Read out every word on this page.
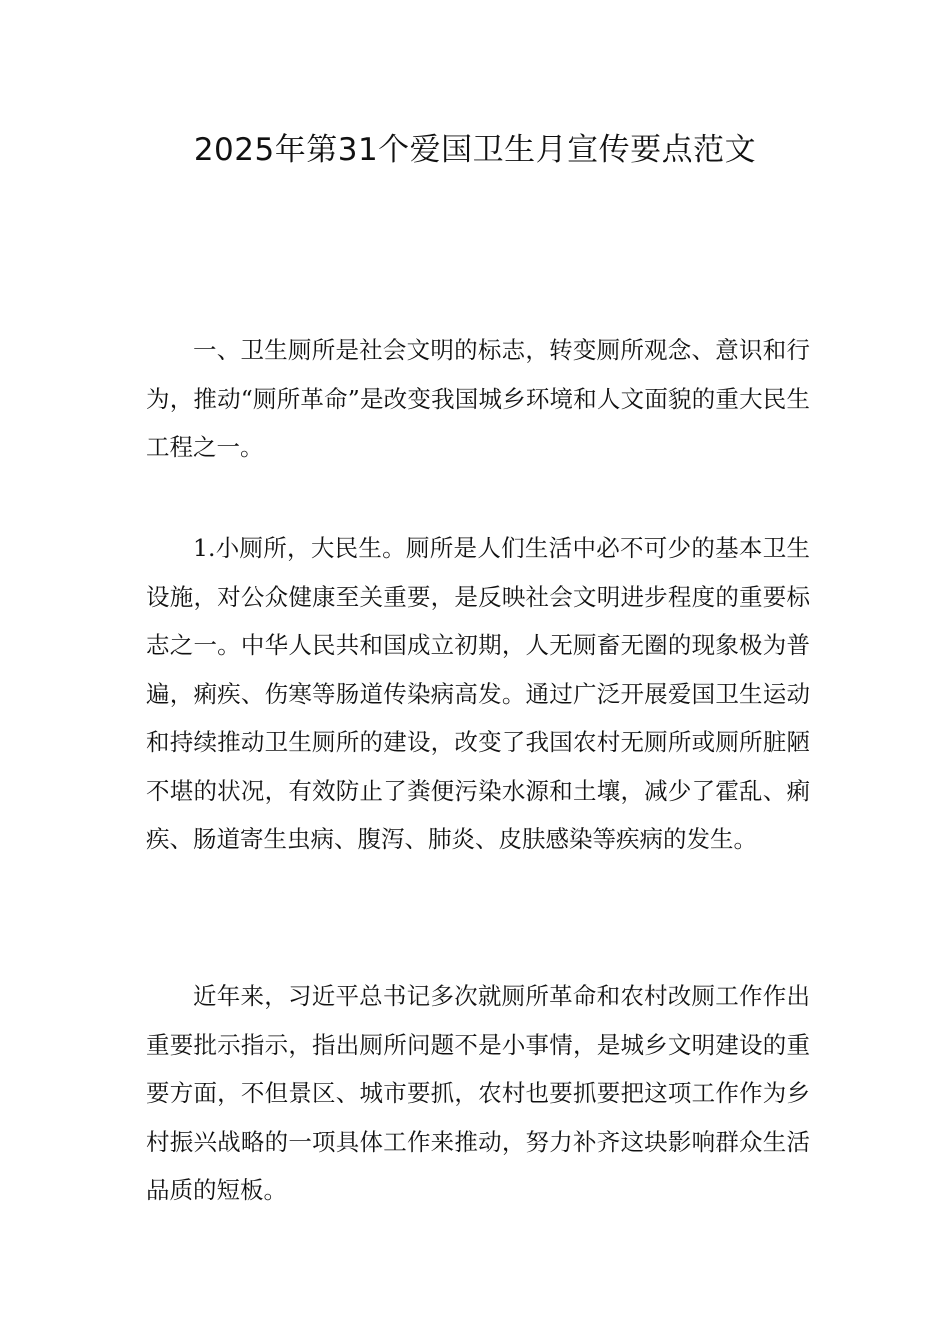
2025年第31个爱国卫生月宣传要点范文

一、卫生厕所是社会文明的标志，转变厕所观念、意识和行为，推动“厕所革命”是改变我国城乡环境和人文面貌的重大民生工程之一。

1.小厕所，大民生。厕所是人们生活中必不可少的基本卫生设施，对公众健康至关重要，是反映社会文明进步程度的重要标志之一。中华人民共和国成立初期，人无厕畜无圈的现象极为普遍，痢疾、伤寒等肠道传染病高发。通过广泛开展爱国卫生运动和持续推动卫生厕所的建设，改变了我国农村无厕所或厕所脏陋不堪的状况，有效防止了粪便污染水源和土壤，减少了霍乱、痢疾、肠道寄生虫病、腹泻、肺炎、皮肤感染等疾病的发生。

近年来，习近平总书记多次就厕所革命和农村改厕工作作出重要批示指示，指出厕所问题不是小事情，是城乡文明建设的重要方面，不但景区、城市要抓，农村也要抓要把这项工作作为乡村振兴战略的一项具体工作来推动，努力补齐这块影响群众生活品质的短板。
